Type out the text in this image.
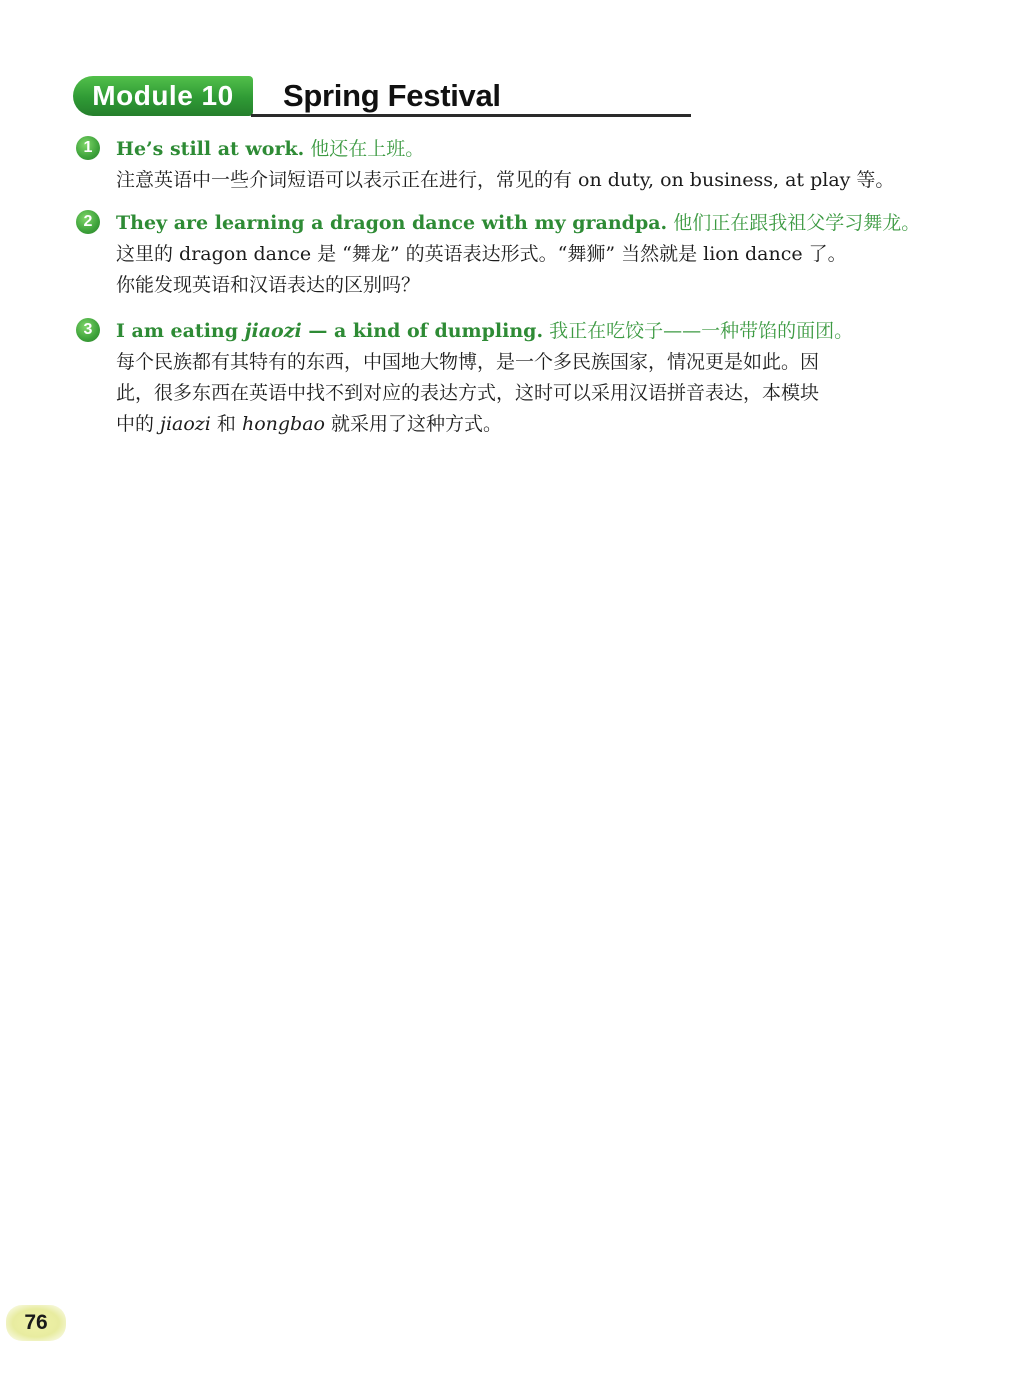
Module 10	Spring Festival
1	He’s still at work. 他还在上班。
注意英语中一些介词短语可以表示正在进行，常见的有 on duty, on business, at play 等。
2	They are learning a dragon dance with my grandpa. 他们正在跟我祖父学习舞龙。
这里的 dragon dance 是 “舞龙” 的英语表达形式。“舞狮” 当然就是 lion dance 了。
你能发现英语和汉语表达的区别吗？
3	I am eating jiaozi — a kind of dumpling. 我正在吃饺子——一种带馅的面团。
每个民族都有其特有的东西，中国地大物博，是一个多民族国家，情况更是如此。因
此，很多东西在英语中找不到对应的表达方式，这时可以采用汉语拼音表达，本模块
中的 jiaozi 和 hongbao 就采用了这种方式。
76
